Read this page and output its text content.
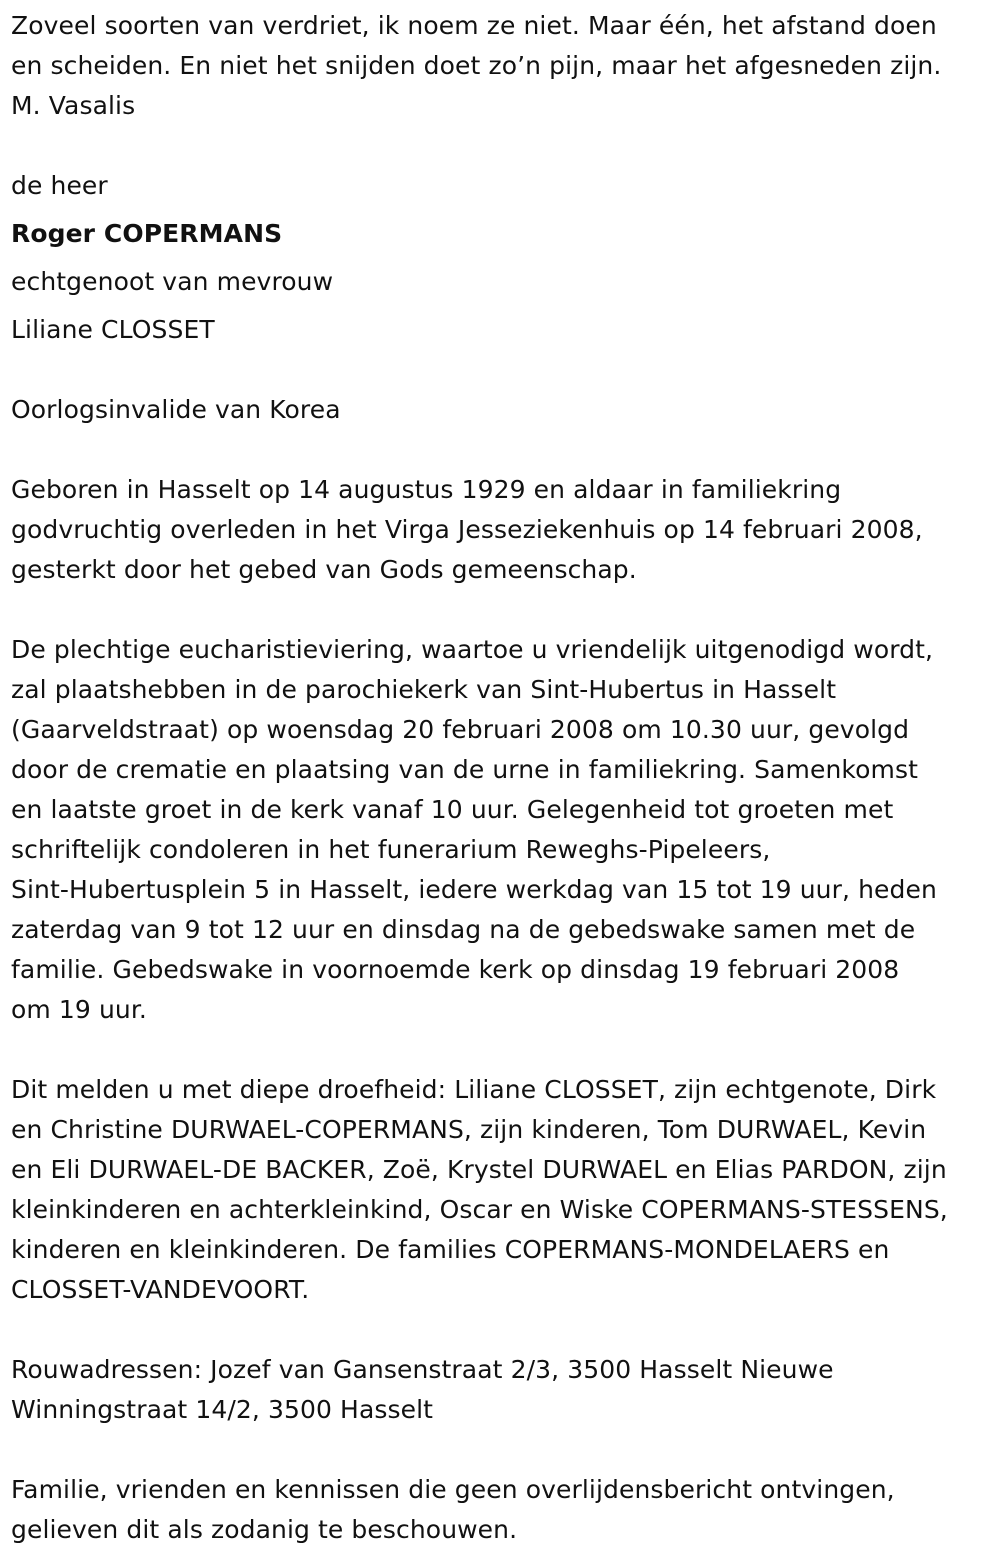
Zoveel soorten van verdriet, ik noem ze niet. Maar één, het afstand doen
en scheiden. En niet het snijden doet zo’n pijn, maar het afgesneden zijn.
M. Vasalis
de heer
Roger COPERMANS
echtgenoot van mevrouw
Liliane CLOSSET
Oorlogsinvalide van Korea
Geboren in Hasselt op 14 augustus 1929 en aldaar in familiekring
godvruchtig overleden in het Virga Jesseziekenhuis op 14 februari 2008,
gesterkt door het gebed van Gods gemeenschap.
De plechtige eucharistieviering, waartoe u vriendelijk uitgenodigd wordt,
zal plaatshebben in de parochiekerk van Sint-Hubertus in Hasselt
(Gaarveldstraat) op woensdag 20 februari 2008 om 10.30 uur, gevolgd
door de crematie en plaatsing van de urne in familiekring. Samenkomst
en laatste groet in de kerk vanaf 10 uur. Gelegenheid tot groeten met
schriftelijk condoleren in het funerarium Reweghs-Pipeleers,
Sint-Hubertusplein 5 in Hasselt, iedere werkdag van 15 tot 19 uur, heden
zaterdag van 9 tot 12 uur en dinsdag na de gebedswake samen met de
familie. Gebedswake in voornoemde kerk op dinsdag 19 februari 2008
om 19 uur.
Dit melden u met diepe droefheid: Liliane CLOSSET, zijn echtgenote, Dirk
en Christine DURWAEL-COPERMANS, zijn kinderen, Tom DURWAEL, Kevin
en Eli DURWAEL-DE BACKER, Zoë, Krystel DURWAEL en Elias PARDON, zijn
kleinkinderen en achterkleinkind, Oscar en Wiske COPERMANS-STESSENS,
kinderen en kleinkinderen. De families COPERMANS-MONDELAERS en
CLOSSET-VANDEVOORT.
Rouwadressen: Jozef van Gansenstraat 2/3, 3500 Hasselt Nieuwe
Winningstraat 14/2, 3500 Hasselt
Familie, vrienden en kennissen die geen overlijdensbericht ontvingen,
gelieven dit als zodanig te beschouwen.
